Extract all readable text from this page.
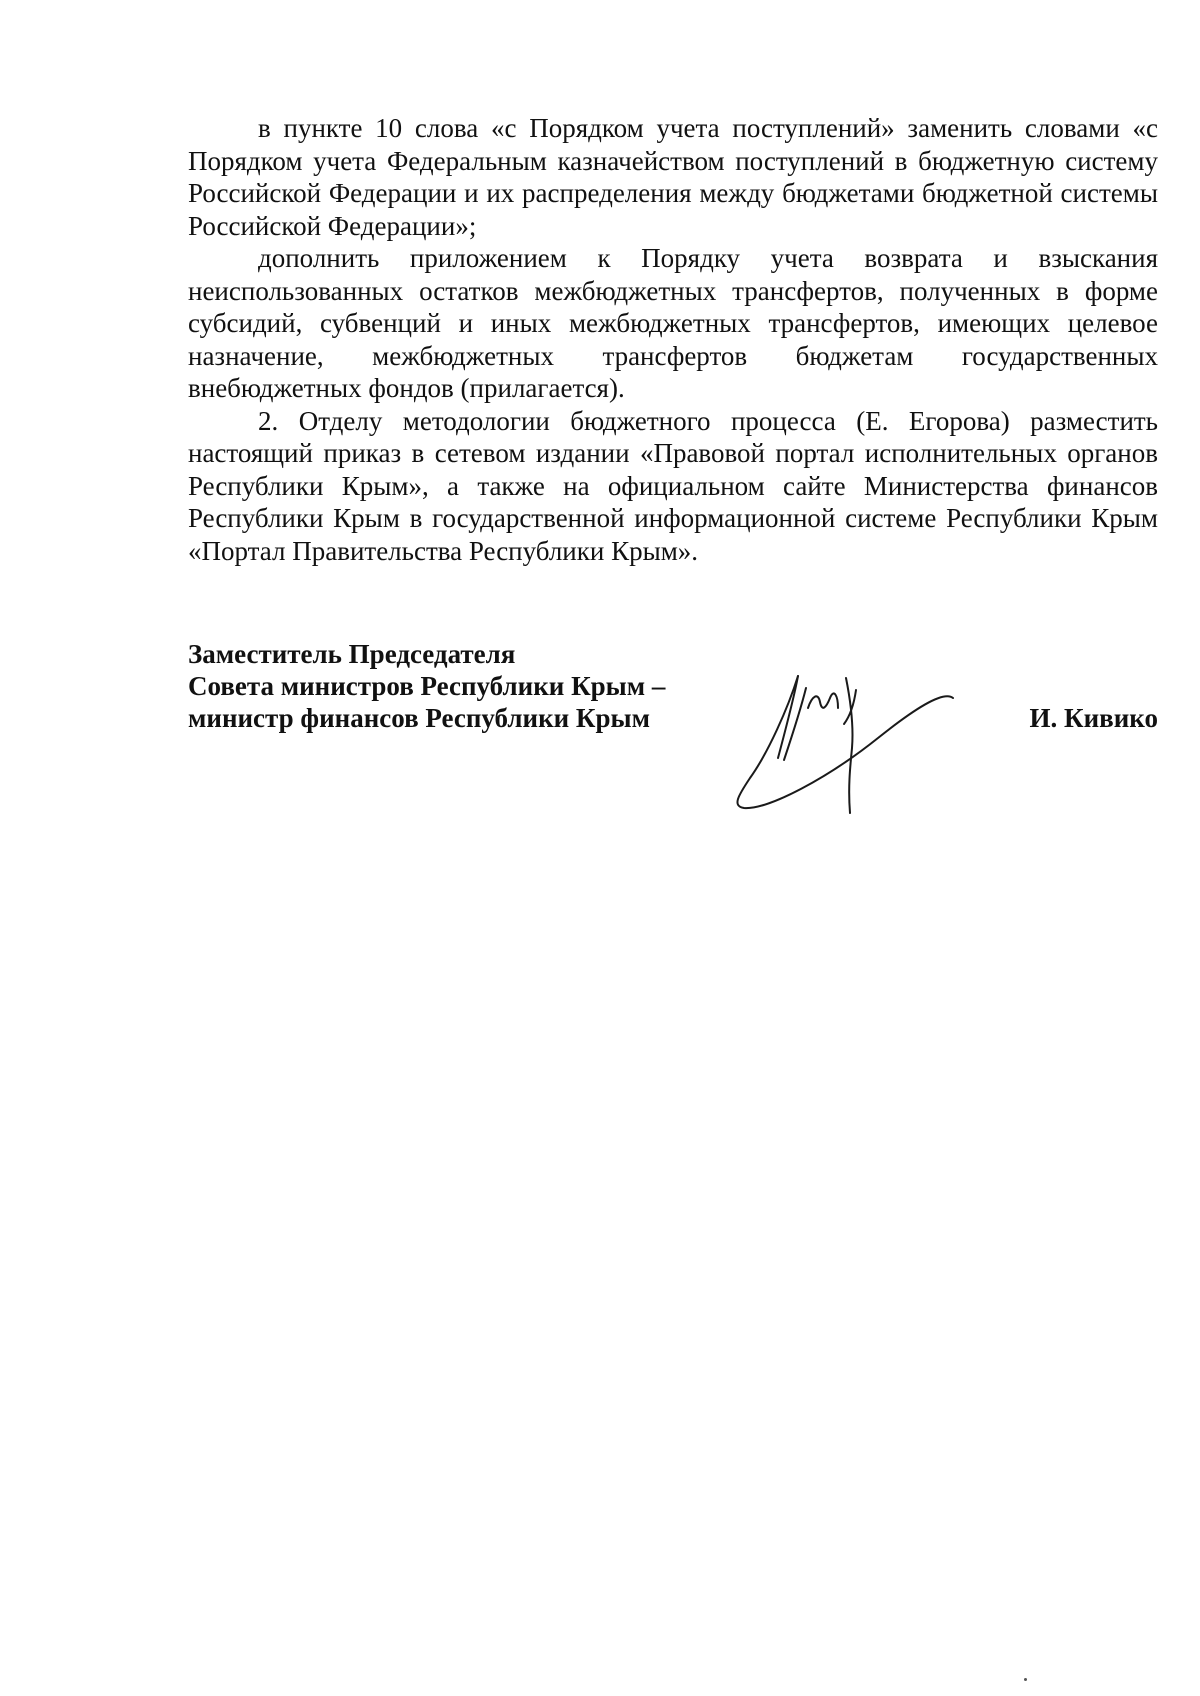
в пункте 10 слова «с Порядком учета поступлений» заменить словами «с Порядком учета Федеральным казначейством поступлений в бюджетную систему Российской Федерации и их распределения между бюджетами бюджетной системы Российской Федерации»;

дополнить приложением к Порядку учета возврата и взыскания неиспользованных остатков межбюджетных трансфертов, полученных в форме субсидий, субвенций и иных межбюджетных трансфертов, имеющих целевое назначение, межбюджетных трансфертов бюджетам государственных внебюджетных фондов (прилагается).

2. Отделу методологии бюджетного процесса (Е. Егорова) разместить настоящий приказ в сетевом издании «Правовой портал исполнительных органов Республики Крым», а также на официальном сайте Министерства финансов Республики Крым в государственной информационной системе Республики Крым «Портал Правительства Республики Крым».

Заместитель Председателя
Совета министров Республики Крым –
министр финансов Республики Крым	И. Кивико
